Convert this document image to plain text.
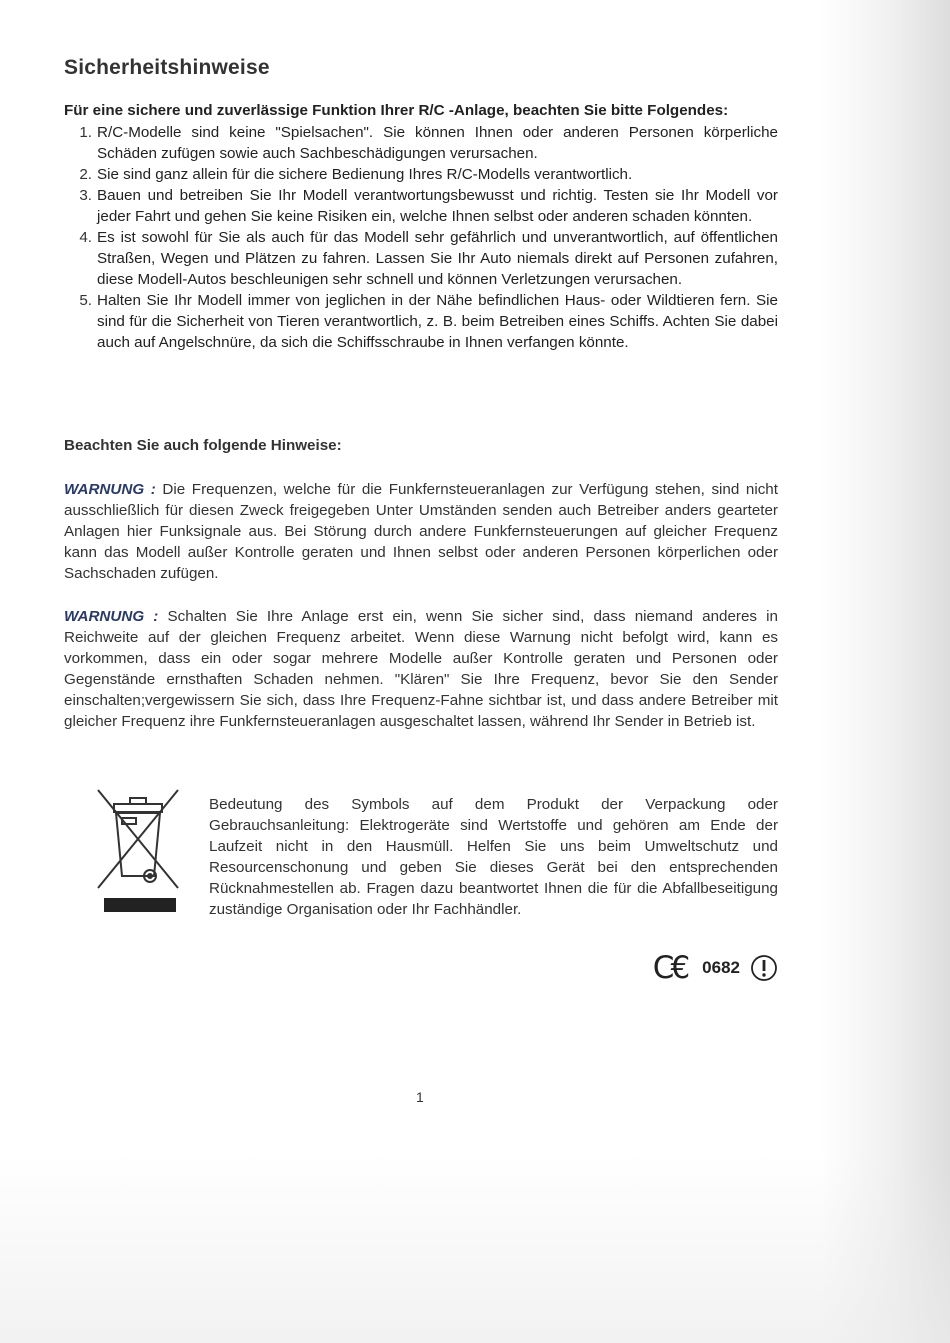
Sicherheitshinweise
Für eine sichere und zuverlässige Funktion Ihrer R/C -Anlage, beachten Sie bitte Folgendes:
1. R/C-Modelle sind keine "Spielsachen". Sie können Ihnen oder anderen Personen körperliche Schäden zufügen sowie auch Sachbeschädigungen verursachen.
2. Sie sind ganz allein für die sichere Bedienung Ihres R/C-Modells verantwortlich.
3. Bauen und betreiben Sie Ihr Modell verantwortungsbewusst und richtig. Testen sie Ihr Modell vor jeder Fahrt und gehen Sie keine Risiken ein, welche Ihnen selbst oder anderen schaden könnten.
4. Es ist sowohl für Sie als auch für das Modell sehr gefährlich und unverantwortlich, auf öffentlichen Straßen, Wegen und Plätzen zu fahren. Lassen Sie Ihr Auto niemals direkt auf Personen zufahren, diese Modell-Autos beschleunigen sehr schnell und können Verletzungen verursachen.
5. Halten Sie Ihr Modell immer von jeglichen in der Nähe befindlichen Haus- oder Wildtieren fern. Sie sind für die Sicherheit von Tieren verantwortlich, z. B. beim Betreiben eines Schiffs. Achten Sie dabei auch auf Angelschnüre, da sich die Schiffsschraube in Ihnen verfangen könnte.
Beachten Sie auch folgende Hinweise:

WARNUNG : Die Frequenzen, welche für die Funkfernsteueranlagen zur Verfügung stehen, sind nicht ausschließlich für diesen Zweck freigegeben Unter Umständen senden auch Betreiber anders gearteter Anlagen hier Funksignale aus. Bei Störung durch andere Funkfernsteuerungen auf gleicher Frequenz kann das Modell außer Kontrolle geraten und Ihnen selbst oder anderen Personen körperlichen oder Sachschaden zufügen.

WARNUNG : Schalten Sie Ihre Anlage erst ein, wenn Sie sicher sind, dass niemand anderes in Reichweite auf der gleichen Frequenz arbeitet. Wenn diese Warnung nicht befolgt wird, kann es vorkommen, dass ein oder sogar mehrere Modelle außer Kontrolle geraten und Personen oder Gegenstände ernsthaften Schaden nehmen. "Klären" Sie Ihre Frequenz, bevor Sie den Sender einschalten;vergewissern Sie sich, dass Ihre Frequenz-Fahne sichtbar ist, und dass andere Betreiber mit gleicher Frequenz ihre Funkfernsteueranlagen ausgeschaltet lassen, während Ihr Sender in Betrieb ist.

Bedeutung des Symbols auf dem Produkt der Verpackung oder Gebrauchsanleitung: Elektrogeräte sind Wertstoffe und gehören am Ende der Laufzeit nicht in den Hausmüll. Helfen Sie uns beim Umweltschutz und Resourcenschonung und geben Sie dieses Gerät bei den entsprechenden Rücknahmestellen ab. Fragen dazu beantwortet Ihnen die für die Abfallbeseitigung zuständige Organisation oder Ihr Fachhändler.
C€ 0682
1
